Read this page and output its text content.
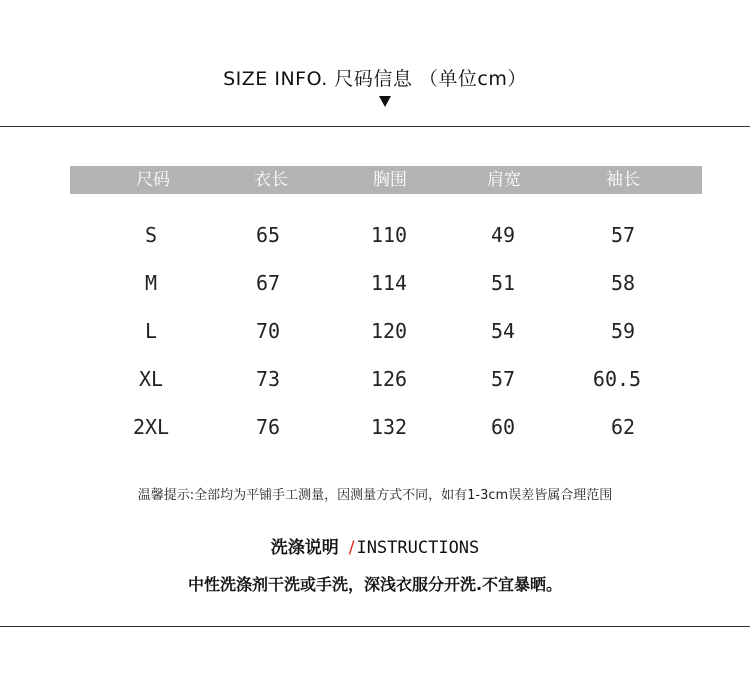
SIZE INFO. 尺码信息 （单位cm）
尺码	衣长	胸围	肩宽	袖长
S	65	110	49	57
M	67	114	51	58
L	70	120	54	59
XL	73	126	57	60.5
2XL	76	132	60	62
温馨提示:全部均为平铺手工测量，因测量方式不同，如有1-3cm误差皆属合理范围
洗涤说明 / INSTRUCTIONS
中性洗涤剂干洗或手洗，深浅衣服分开洗.不宜暴晒。
